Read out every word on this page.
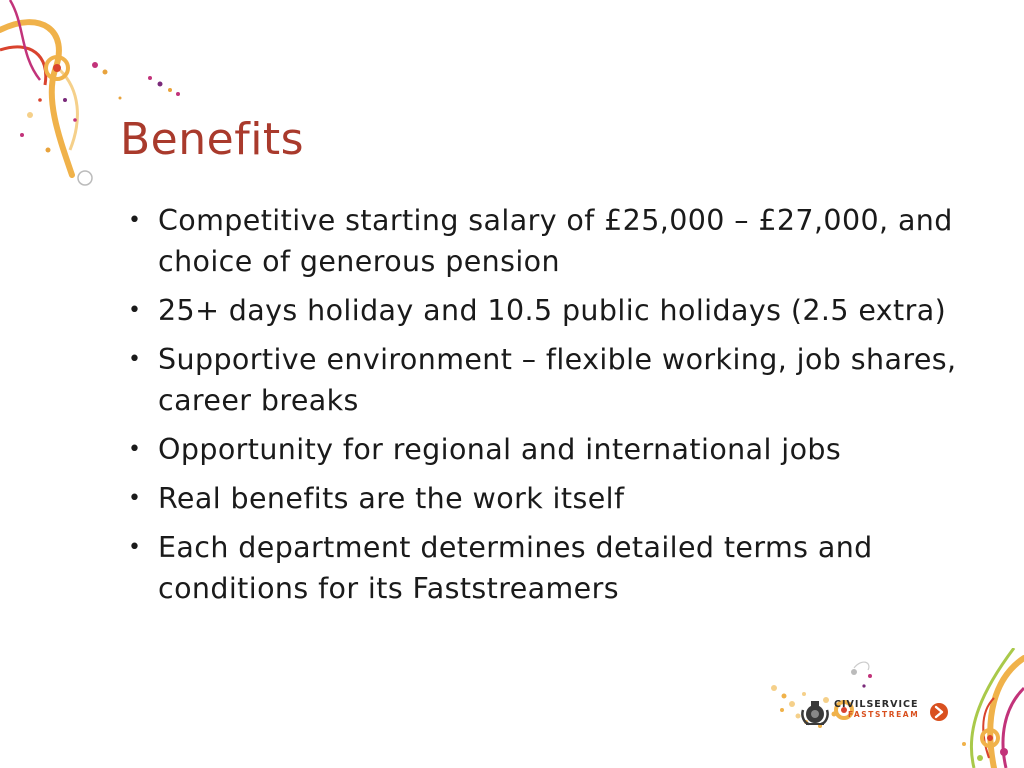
Benefits
• Competitive starting salary of £25,000 – £27,000, and choice of generous pension
• 25+ days holiday and 10.5 public holidays (2.5 extra)
• Supportive environment – flexible working, job shares, career breaks
• Opportunity for regional and international jobs
• Real benefits are the work itself
• Each department determines detailed terms and conditions for its Faststreamers
CIVILSERVICE
FASTSTREAM
